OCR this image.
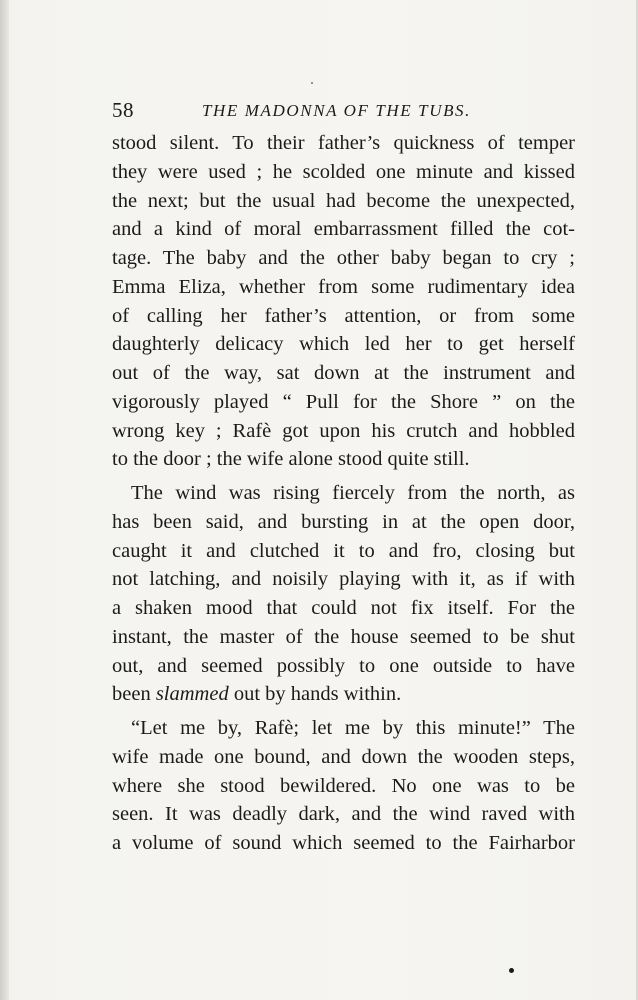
58	THE MADONNA OF THE TUBS.
stood silent. To their father’s quickness of temper
they were used ; he scolded one minute and kissed
the next; but the usual had become the unexpected,
and a kind of moral embarrassment filled the cot-
tage. The baby and the other baby began to cry ;
Emma Eliza, whether from some rudimentary idea
of calling her father’s attention, or from some
daughterly delicacy which led her to get herself
out of the way, sat down at the instrument and
vigorously played “ Pull for the Shore ” on the
wrong key ; Rafè got upon his crutch and hobbled
to the door ; the wife alone stood quite still.
The wind was rising fiercely from the north, as
has been said, and bursting in at the open door,
caught it and clutched it to and fro, closing but
not latching, and noisily playing with it, as if with
a shaken mood that could not fix itself. For the
instant, the master of the house seemed to be shut
out, and seemed possibly to one outside to have
been slammed out by hands within.
“Let me by, Rafè; let me by this minute!” The
wife made one bound, and down the wooden steps,
where she stood bewildered. No one was to be
seen. It was deadly dark, and the wind raved with
a volume of sound which seemed to the Fairharbor
